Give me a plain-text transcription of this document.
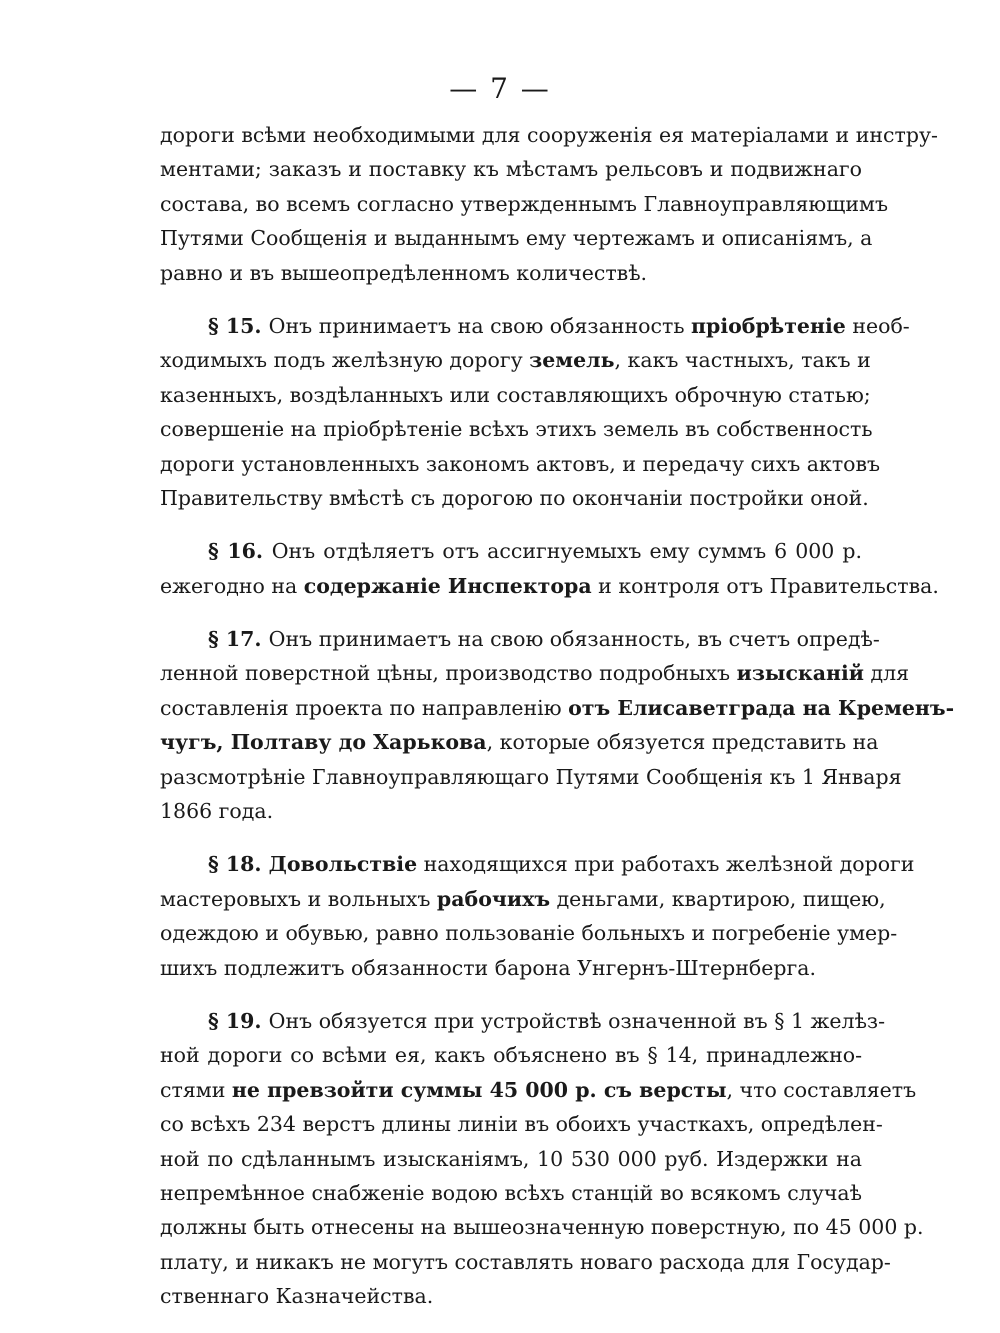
— 7 —
дороги всѣми необходимыми для сооруженія ея матеріалами и инстру-
ментами; заказъ и поставку къ мѣстамъ рельсовъ и подвижнаго
состава, во всемъ согласно утвержденнымъ Главноуправляющимъ
Путями Сообщенія и выданнымъ ему чертежамъ и описаніямъ, а
равно и въ вышеопредѣленномъ количествѣ.
§ 15. Онъ принимаетъ на свою обязанность пріобрѣтеніе необ-
ходимыхъ подъ желѣзную дорогу земель, какъ частныхъ, такъ и
казенныхъ, воздѣланныхъ или составляющихъ оброчную статью;
совершеніе на пріобрѣтеніе всѣхъ этихъ земель въ собственность
дороги установленныхъ закономъ актовъ, и передачу сихъ актовъ
Правительству вмѣстѣ съ дорогою по окончаніи постройки оной.
§ 16. Онъ отдѣляетъ отъ ассигнуемыхъ ему суммъ 6 000 р.
ежегодно на содержаніе Инспектора и контроля отъ Правительства.
§ 17. Онъ принимаетъ на свою обязанность, въ счетъ опредѣ-
ленной поверстной цѣны, производство подробныхъ изысканій для
составленія проекта по направленію отъ Елисаветграда на Кременъ-
чугъ, Полтаву до Харькова, которые обязуется представить на
разсмотрѣніе Главноуправляющаго Путями Сообщенія къ 1 Января
1866 года.
§ 18. Довольствіе находящихся при работахъ желѣзной дороги
мастеровыхъ и вольныхъ рабочихъ деньгами, квартирою, пищею,
одеждою и обувью, равно пользованіе больныхъ и погребеніе умер-
шихъ подлежитъ обязанности барона Унгернъ-Штернберга.
§ 19. Онъ обязуется при устройствѣ означенной въ § 1 желѣз-
ной дороги со всѣми ея, какъ объяснено въ § 14, принадлежно-
стями не превзойти суммы 45 000 р. съ версты, что составляетъ
со всѣхъ 234 верстъ длины линіи въ обоихъ участкахъ, опредѣлен-
ной по сдѣланнымъ изысканіямъ, 10 530 000 руб. Издержки на
непремѣнное снабженіе водою всѣхъ станцій во всякомъ случаѣ
должны быть отнесены на вышеозначенную поверстную, по 45 000 р.
плату, и никакъ не могутъ составлять новаго расхода для Государ-
ственнаго Казначейства.
